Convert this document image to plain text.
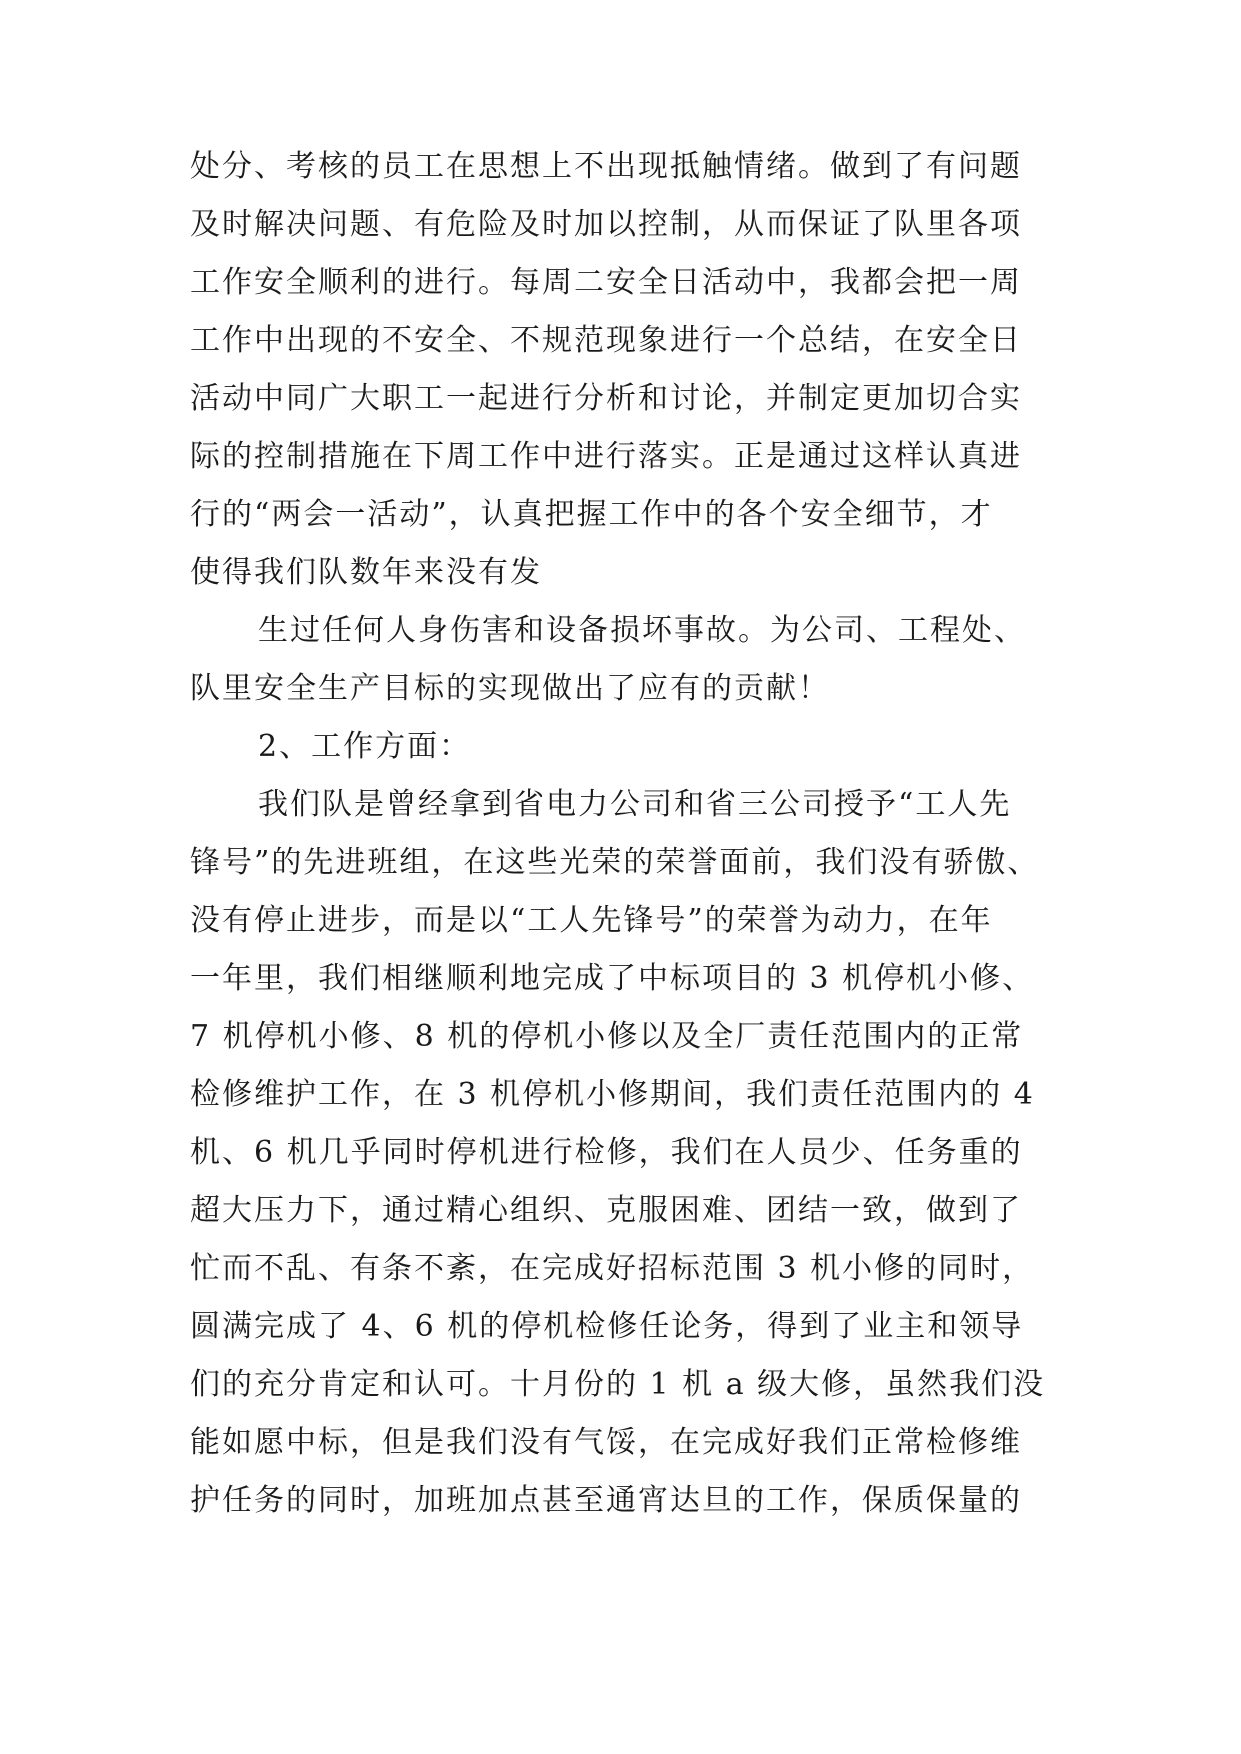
处分、考核的员工在思想上不出现抵触情绪。做到了有问题
及时解决问题、有危险及时加以控制，从而保证了队里各项
工作安全顺利的进行。每周二安全日活动中，我都会把一周
工作中出现的不安全、不规范现象进行一个总结，在安全日
活动中同广大职工一起进行分析和讨论，并制定更加切合实
际的控制措施在下周工作中进行落实。正是通过这样认真进
行的“两会一活动”，认真把握工作中的各个安全细节，才
使得我们队数年来没有发
生过任何人身伤害和设备损坏事故。为公司、工程处、
队里安全生产目标的实现做出了应有的贡献！
2、工作方面：
我们队是曾经拿到省电力公司和省三公司授予“工人先
锋号”的先进班组，在这些光荣的荣誉面前，我们没有骄傲、
没有停止进步，而是以“工人先锋号”的荣誉为动力，在年
一年里，我们相继顺利地完成了中标项目的 3 机停机小修、
7 机停机小修、8 机的停机小修以及全厂责任范围内的正常
检修维护工作，在 3 机停机小修期间，我们责任范围内的 4
机、6 机几乎同时停机进行检修，我们在人员少、任务重的
超大压力下，通过精心组织、克服困难、团结一致，做到了
忙而不乱、有条不紊，在完成好招标范围 3 机小修的同时，
圆满完成了 4、6 机的停机检修任论务，得到了业主和领导
们的充分肯定和认可。十月份的 1 机 a 级大修，虽然我们没
能如愿中标，但是我们没有气馁，在完成好我们正常检修维
护任务的同时，加班加点甚至通宵达旦的工作，保质保量的
